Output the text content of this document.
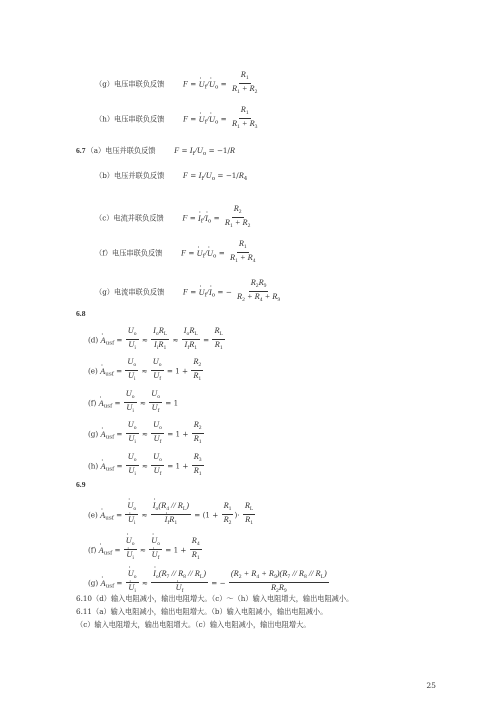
（g）电压串联负反馈 F = · $U_f/\cdot U_o = \frac{R_1}{R_1 + R_2}$
（h）电压串联负反馈 F = · $U_f/\cdot U_o = \frac{R_1}{R_1 + R_3}$
6.7（a）电压并联负反馈 $F = I_f/U_o = -1/R$
（b）电压并联负反馈 $F = I_f/U_o = -1/R_4$
（c）电流并联负反馈 F = · $I_f/\cdot I_o = \frac{R_2}{R_1 + R_2}$
（f）电压串联负反馈 F = · $U_f/\cdot U_o = \frac{R_1}{R_1 + R_4}$
（g）电流串联负反馈 F = · $U_f/\cdot I_o$ = − $\frac{R_2R_9}{R_2 + R_4 + R_9}$
6.8
$(d) \cdot A_{usf} = \frac{U_o}{U_i} \approx \frac{I_oR_L}{I_iR_1} \approx \frac{I_oR_L}{I_fR_1} = \frac{R_L}{R_1}$
$(e) \cdot A_{usf} = \frac{U_o}{U_i} \approx \frac{U_o}{U_f} = 1 + \frac{R_2}{R_1}$
$(f) \cdot A_{usf} = \frac{U_o}{U_i} \approx \frac{U_o}{U_f} = 1$
$(g) \cdot A_{usf} = \frac{U_o}{U_i} \approx \frac{U_o}{U_f} = 1 + \frac{R_2}{R_1}$
$(h) \cdot A_{usf} = \frac{U_o}{U_i} \approx \frac{U_o}{U_f} = 1 + \frac{R_3}{R_1}$
6.9
$(e) \cdot A_{usf}$ = · $U_o$
· $U_i$ ≈ · $I_o(R_4 // R_L)$
· $I_fR_1 = (1 + \frac{R_1}{R_2}$ )· $\frac{R_L}{R_1}$
$(f) \cdot A_{usf}$ = · $U_o$
· $U_i$ ≈ · $U_o$
· $U_f = 1 + \frac{R_4}{R_1}$
$(g) \cdot A_{usf}$ = · $U_o$
· $U_i$ ≈ · $I_o(R_7 // R_8 // R_L)$
· $U_f$ = − $\frac{(R_2 + R_4 + R_9)(R_7 // R_8 // R_L)}{R_2R_9}$
6.10（d）输入电阻减小，输出电阻增大。（c）～（h）输入电阻增大，输出电阻减小。
6.11（a）输入电阻减小，输出电阻增大。（b）输入电阻减小，输出电阻减小。
（c）输入电阻增大，输出电阻增大。（c）输入电阻减小，输出电阻增大。
25
